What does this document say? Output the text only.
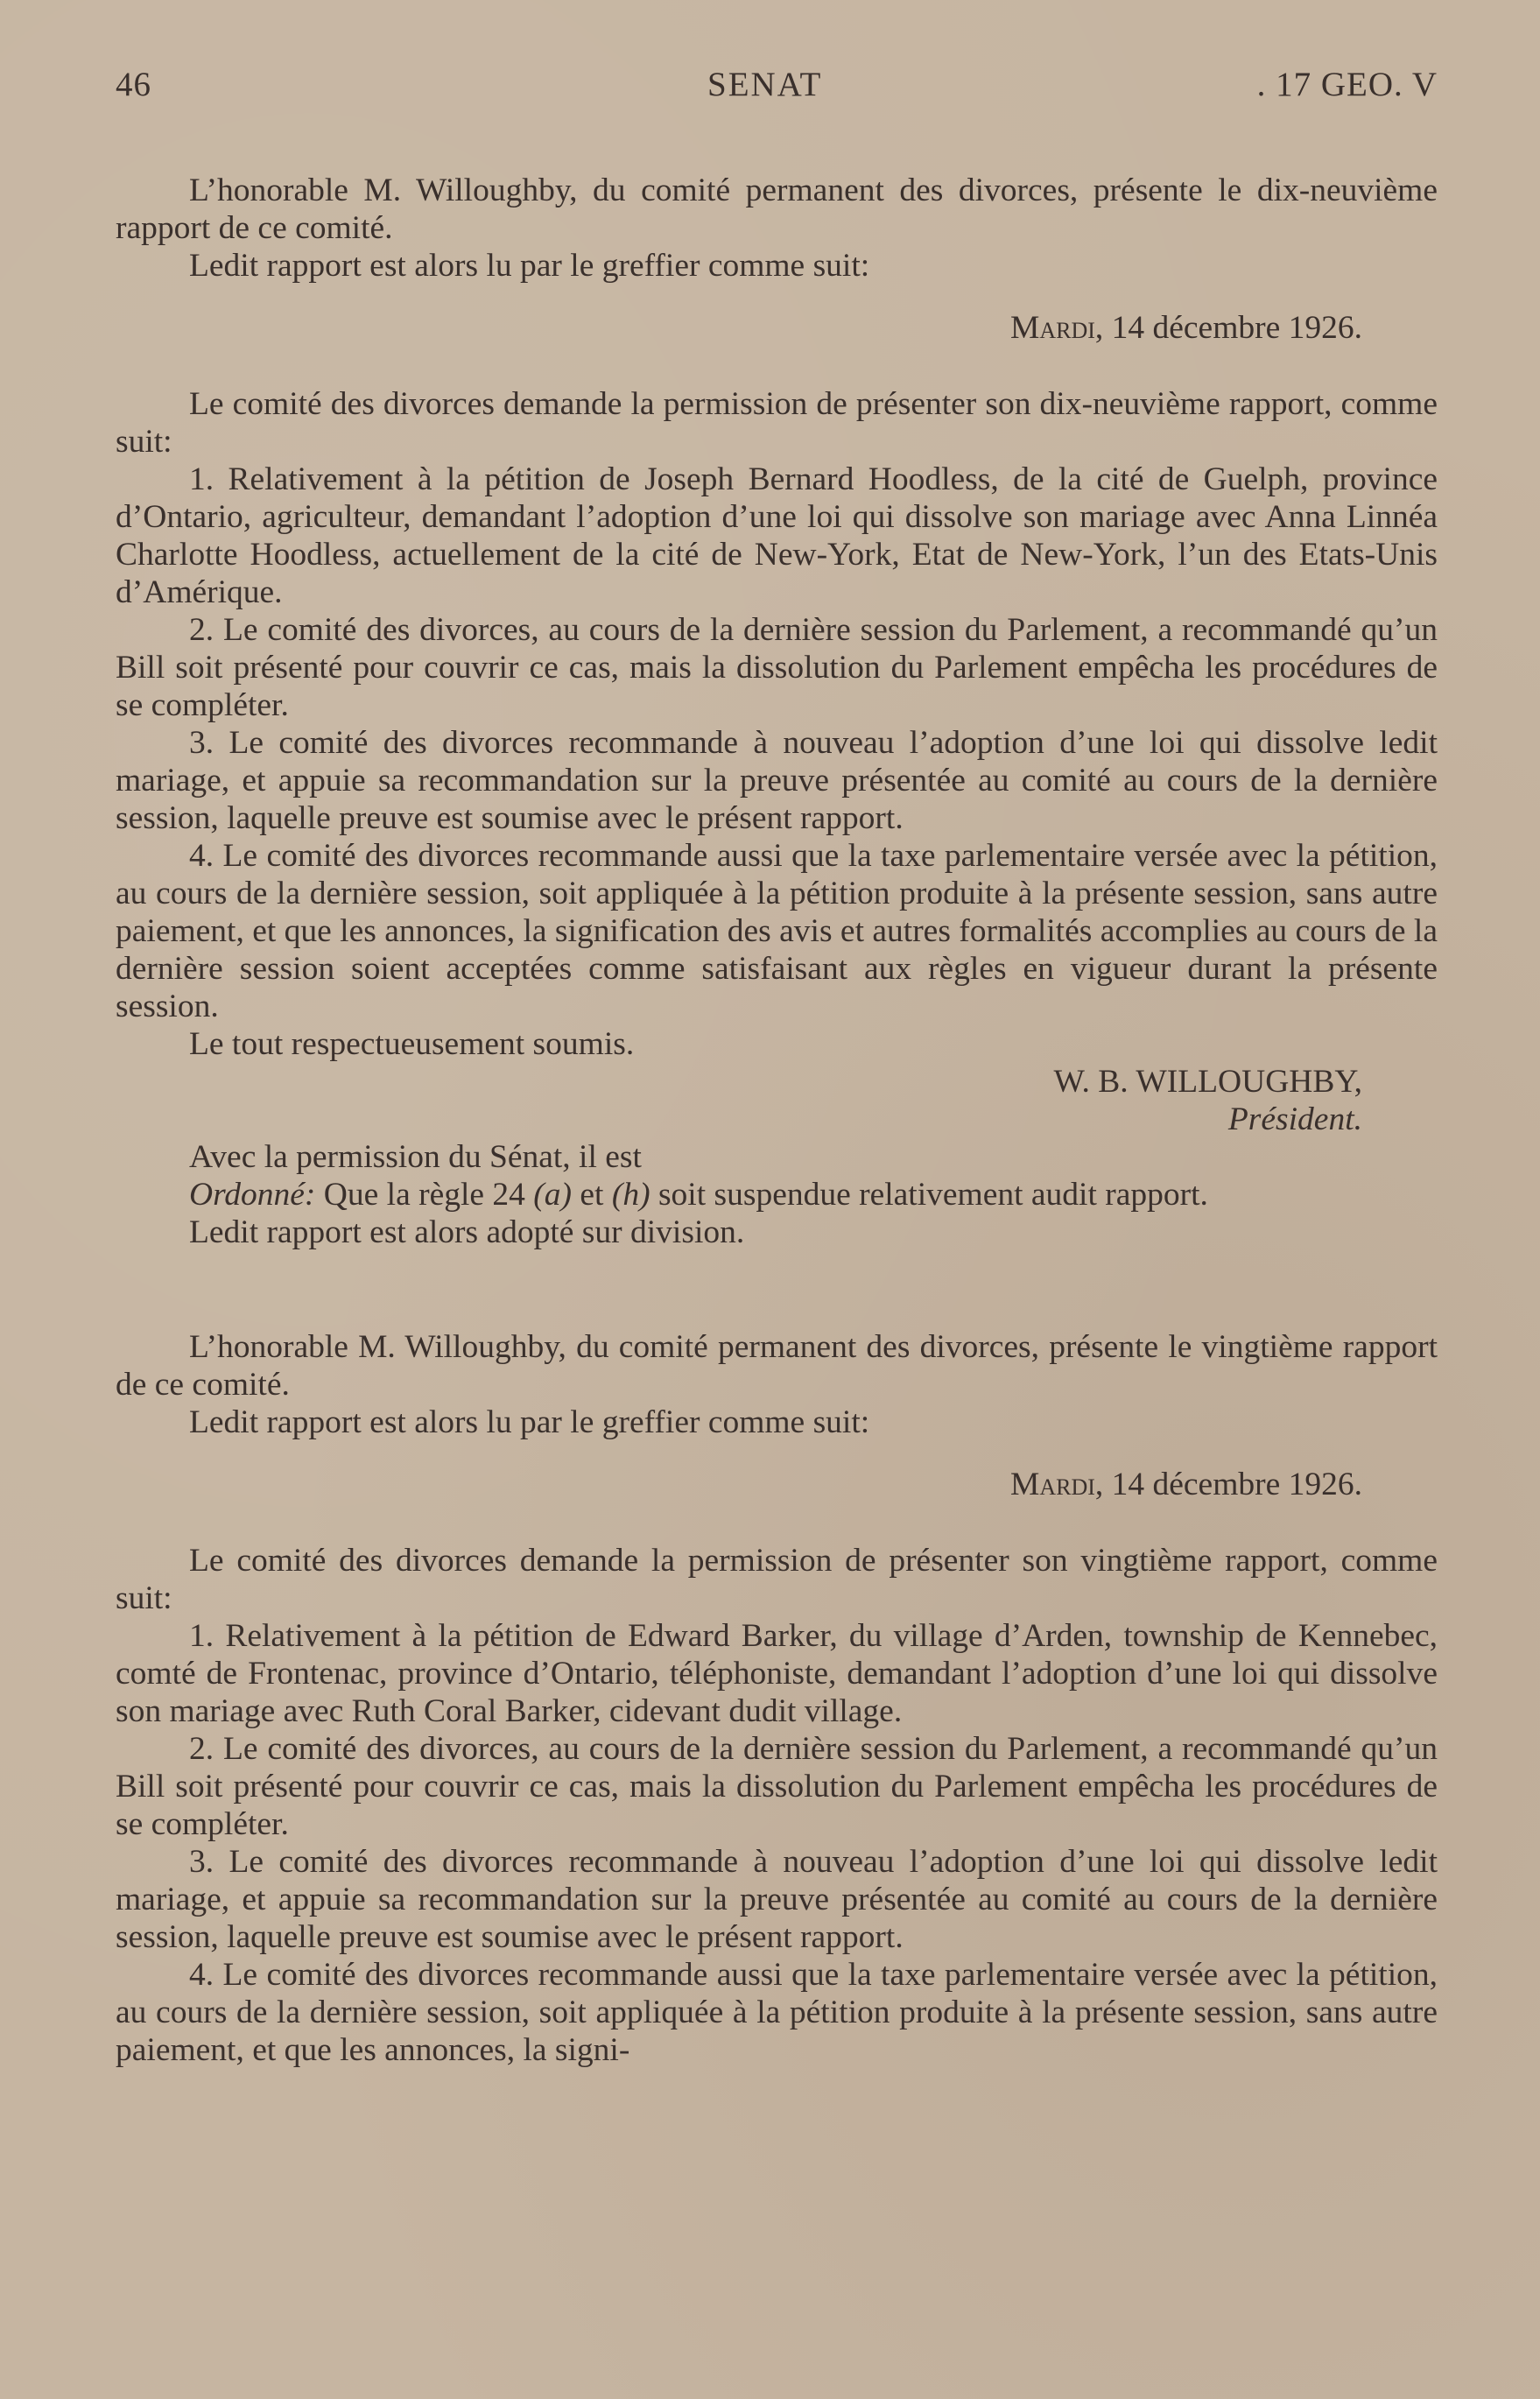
46	SENAT	. 17 GEO. V

L’honorable M. Willoughby, du comité permanent des divorces, présente le dix-neuvième rapport de ce comité.

Ledit rapport est alors lu par le greffier comme suit:

Mardi, 14 décembre 1926.

Le comité des divorces demande la permission de présenter son dix-neuvième rapport, comme suit:

1. Relativement à la pétition de Joseph Bernard Hoodless, de la cité de Guelph, province d’Ontario, agriculteur, demandant l’adoption d’une loi qui dissolve son mariage avec Anna Linnéa Charlotte Hoodless, actuellement de la cité de New-York, Etat de New-York, l’un des Etats-Unis d’Amérique.

2. Le comité des divorces, au cours de la dernière session du Parlement, a recommandé qu’un Bill soit présenté pour couvrir ce cas, mais la dissolution du Parlement empêcha les procédures de se compléter.

3. Le comité des divorces recommande à nouveau l’adoption d’une loi qui dissolve ledit mariage, et appuie sa recommandation sur la preuve présentée au comité au cours de la dernière session, laquelle preuve est soumise avec le présent rapport.

4. Le comité des divorces recommande aussi que la taxe parlementaire versée avec la pétition, au cours de la dernière session, soit appliquée à la pétition produite à la présente session, sans autre paiement, et que les annonces, la signification des avis et autres formalités accomplies au cours de la dernière session soient acceptées comme satisfaisant aux règles en vigueur durant la présente session.

Le tout respectueusement soumis.

W. B. WILLOUGHBY,

Président.

Avec la permission du Sénat, il est

Ordonné: Que la règle 24 (a) et (h) soit suspendue relativement audit rapport.

Ledit rapport est alors adopté sur division.

L’honorable M. Willoughby, du comité permanent des divorces, présente le vingtième rapport de ce comité.

Ledit rapport est alors lu par le greffier comme suit:

Mardi, 14 décembre 1926.

Le comité des divorces demande la permission de présenter son vingtième rapport, comme suit:

1. Relativement à la pétition de Edward Barker, du village d’Arden, township de Kennebec, comté de Frontenac, province d’Ontario, téléphoniste, demandant l’adoption d’une loi qui dissolve son mariage avec Ruth Coral Barker, cidevant dudit village.

2. Le comité des divorces, au cours de la dernière session du Parlement, a recommandé qu’un Bill soit présenté pour couvrir ce cas, mais la dissolution du Parlement empêcha les procédures de se compléter.

3. Le comité des divorces recommande à nouveau l’adoption d’une loi qui dissolve ledit mariage, et appuie sa recommandation sur la preuve présentée au comité au cours de la dernière session, laquelle preuve est soumise avec le présent rapport.

4. Le comité des divorces recommande aussi que la taxe parlementaire versée avec la pétition, au cours de la dernière session, soit appliquée à la pétition produite à la présente session, sans autre paiement, et que les annonces, la signi-
